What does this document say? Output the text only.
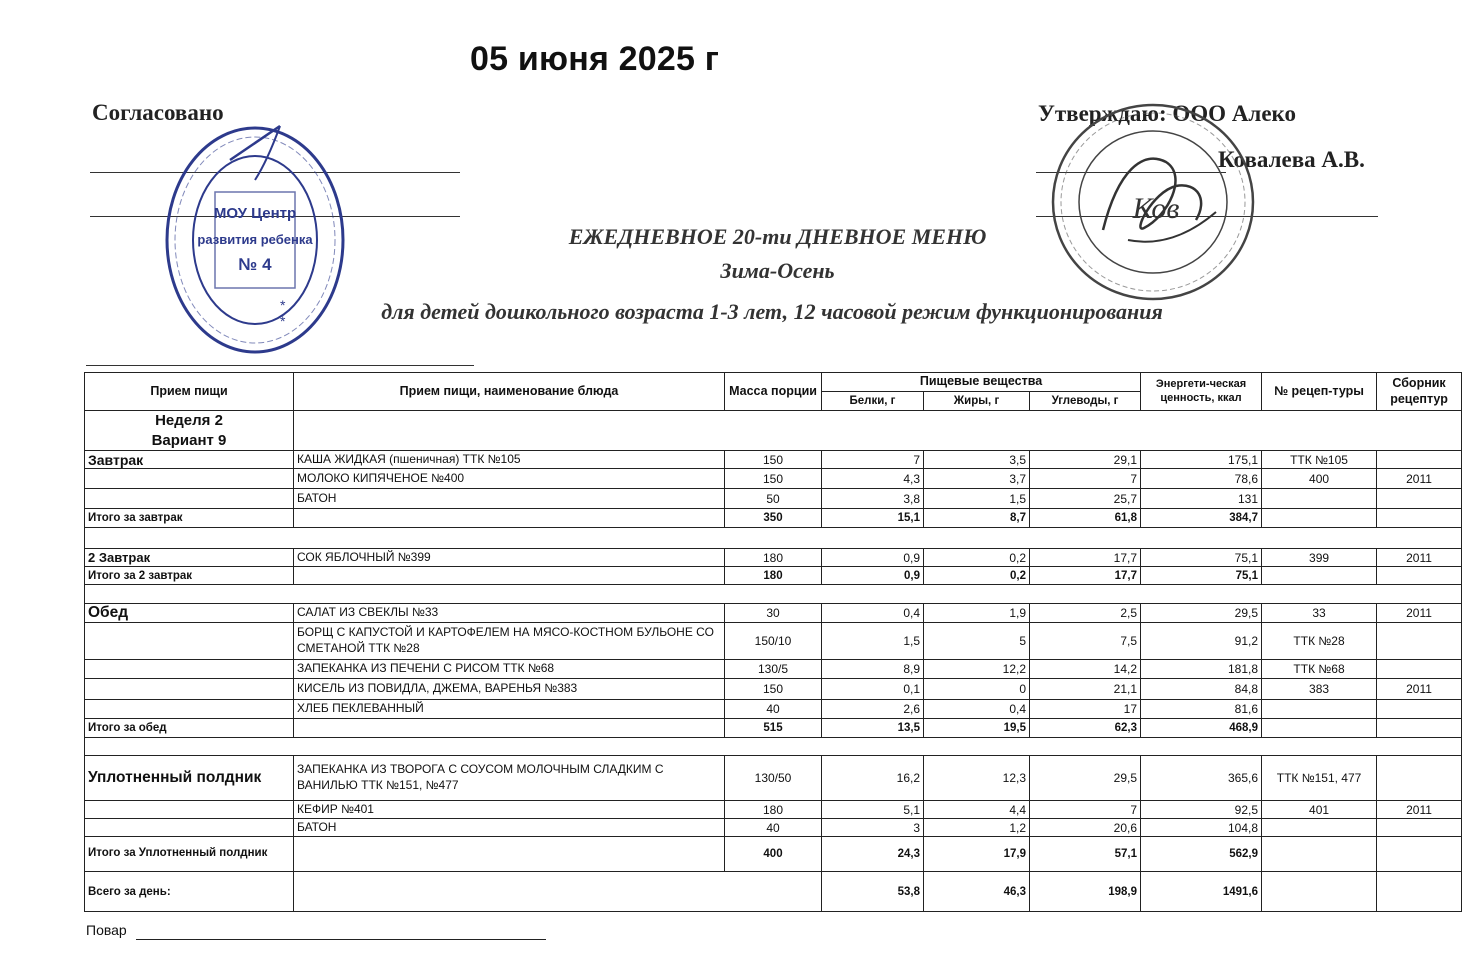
05 июня 2025 г
Согласовано	Утверждаю: ООО Алеко
Ковалева А.В.
МОУ Центр
развития ребенка
№ 4
*
*
Ков
ЕЖЕДНЕВНОЕ 20-ти ДНЕВНОЕ МЕНЮ
Зима-Осень
для детей дошкольного возраста 1-3 лет, 12 часовой режим функционирования
Прием пищи	Прием пищи, наименование блюда	Масса порции	Пищевые вещества			Энергети-ческая ценность, ккал	№ рецеп-туры	Сборник рецептур
			Белки, г	Жиры, г	Углеводы, г			

Неделя 2
Вариант 9								

Завтрак	КАША ЖИДКАЯ (пшеничная) ТТК №105	150	7	3,5	29,1	175,1	ТТК №105	
	МОЛОКО КИПЯЧЕНОЕ №400	150	4,3	3,7	7	78,6	400	2011
	БАТОН	50	3,8	1,5	25,7	131		
Итого за завтрак		350	15,1	8,7	61,8	384,7		

2 Завтрак	СОК ЯБЛОЧНЫЙ №399	180	0,9	0,2	17,7	75,1	399	2011
Итого за 2 завтрак		180	0,9	0,2	17,7	75,1		

Обед	САЛАТ ИЗ СВЕКЛЫ №33	30	0,4	1,9	2,5	29,5	33	2011
	БОРЩ С КАПУСТОЙ И КАРТОФЕЛЕМ НА МЯСО-КОСТНОМ БУЛЬОНЕ СО СМЕТАНОЙ ТТК №28	150/10	1,5	5	7,5	91,2	ТТК №28	
	ЗАПЕКАНКА ИЗ ПЕЧЕНИ С РИСОМ ТТК №68	130/5	8,9	12,2	14,2	181,8	ТТК №68	
	КИСЕЛЬ ИЗ ПОВИДЛА, ДЖЕМА, ВАРЕНЬЯ №383	150	0,1	0	21,1	84,8	383	2011
	ХЛЕБ ПЕКЛЕВАННЫЙ	40	2,6	0,4	17	81,6		
Итого за обед		515	13,5	19,5	62,3	468,9		

Уплотненный полдник	ЗАПЕКАНКА ИЗ ТВОРОГА С СОУСОМ МОЛОЧНЫМ СЛАДКИМ С ВАНИЛЬЮ ТТК №151, №477	130/50	16,2	12,3	29,5	365,6	ТТК №151, 477	
	КЕФИР №401	180	5,1	4,4	7	92,5	401	2011
	БАТОН	40	3	1,2	20,6	104,8		
Итого за Уплотненный полдник		400	24,3	17,9	57,1	562,9		
Всего за день:			53,8	46,3	198,9	1491,6		
Повар
